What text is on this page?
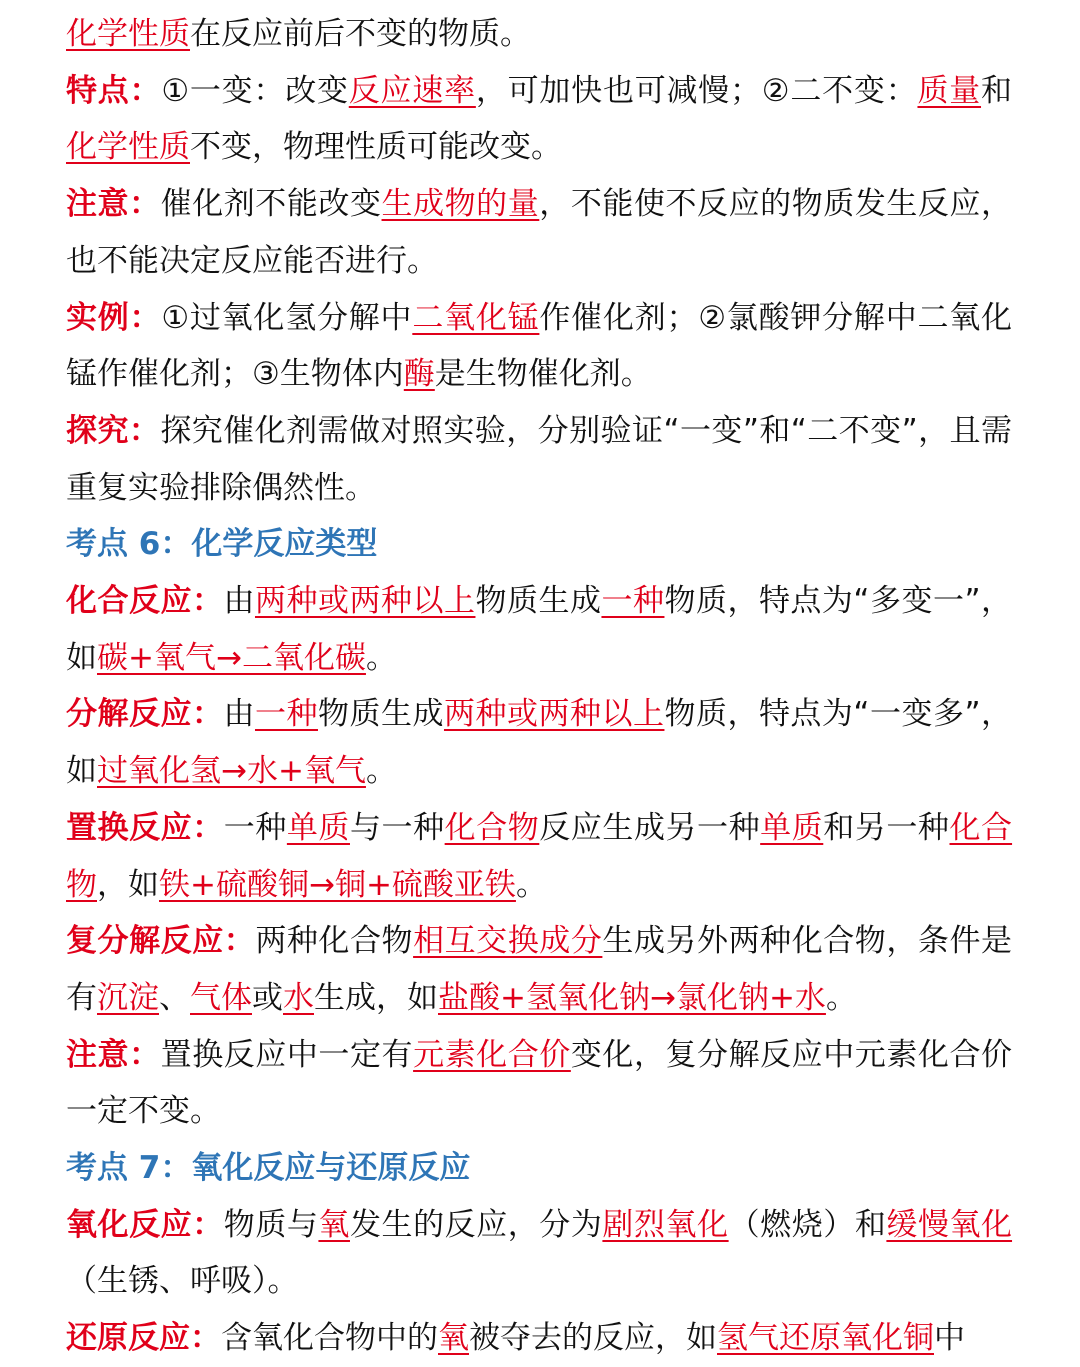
化学性质在反应前后不变的物质。

特点：①一变：改变反应速率，可加快也可减慢；②二不变：质量和化学性质不变，物理性质可能改变。

注意：催化剂不能改变生成物的量，不能使不反应的物质发生反应，也不能决定反应能否进行。

实例：①过氧化氢分解中二氧化锰作催化剂；②氯酸钾分解中二氧化锰作催化剂；③生物体内酶是生物催化剂。

探究：探究催化剂需做对照实验，分别验证“一变”和“二不变”，且需重复实验排除偶然性。

考点 6：化学反应类型

化合反应：由两种或两种以上物质生成一种物质，特点为“多变一”，如碳+氧气→二氧化碳。

分解反应：由一种物质生成两种或两种以上物质，特点为“一变多”，如过氧化氢→水+氧气。

置换反应：一种单质与一种化合物反应生成另一种单质和另一种化合物，如铁+硫酸铜→铜+硫酸亚铁。

复分解反应：两种化合物相互交换成分生成另外两种化合物，条件是有沉淀、气体或水生成，如盐酸+氢氧化钠→氯化钠+水。

注意：置换反应中一定有元素化合价变化，复分解反应中元素化合价一定不变。

考点 7：氧化反应与还原反应

氧化反应：物质与氧发生的反应，分为剧烈氧化（燃烧）和缓慢氧化（生锈、呼吸）。

还原反应：含氧化合物中的氧被夺去的反应，如氢气还原氧化铜中
